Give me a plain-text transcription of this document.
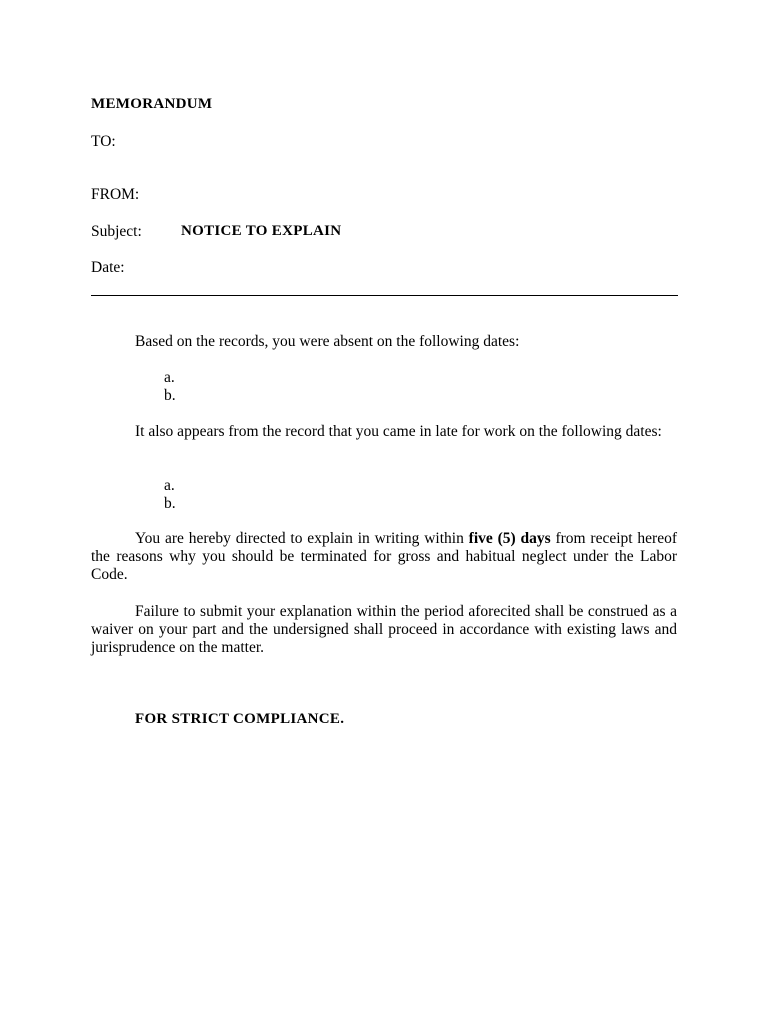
MEMORANDUM
TO:
FROM:
Subject:	NOTICE TO EXPLAIN
Date:

Based on the records, you were absent on the following dates:

a.
b.

It also appears from the record that you came in late for work on the following dates:

a.
b.

You are hereby directed to explain in writing within five (5) days from receipt hereof the reasons why you should be terminated for gross and habitual neglect under the Labor Code.

Failure to submit your explanation within the period aforecited shall be construed as a waiver on your part and the undersigned shall proceed in accordance with existing laws and jurisprudence on the matter.

FOR STRICT COMPLIANCE.
